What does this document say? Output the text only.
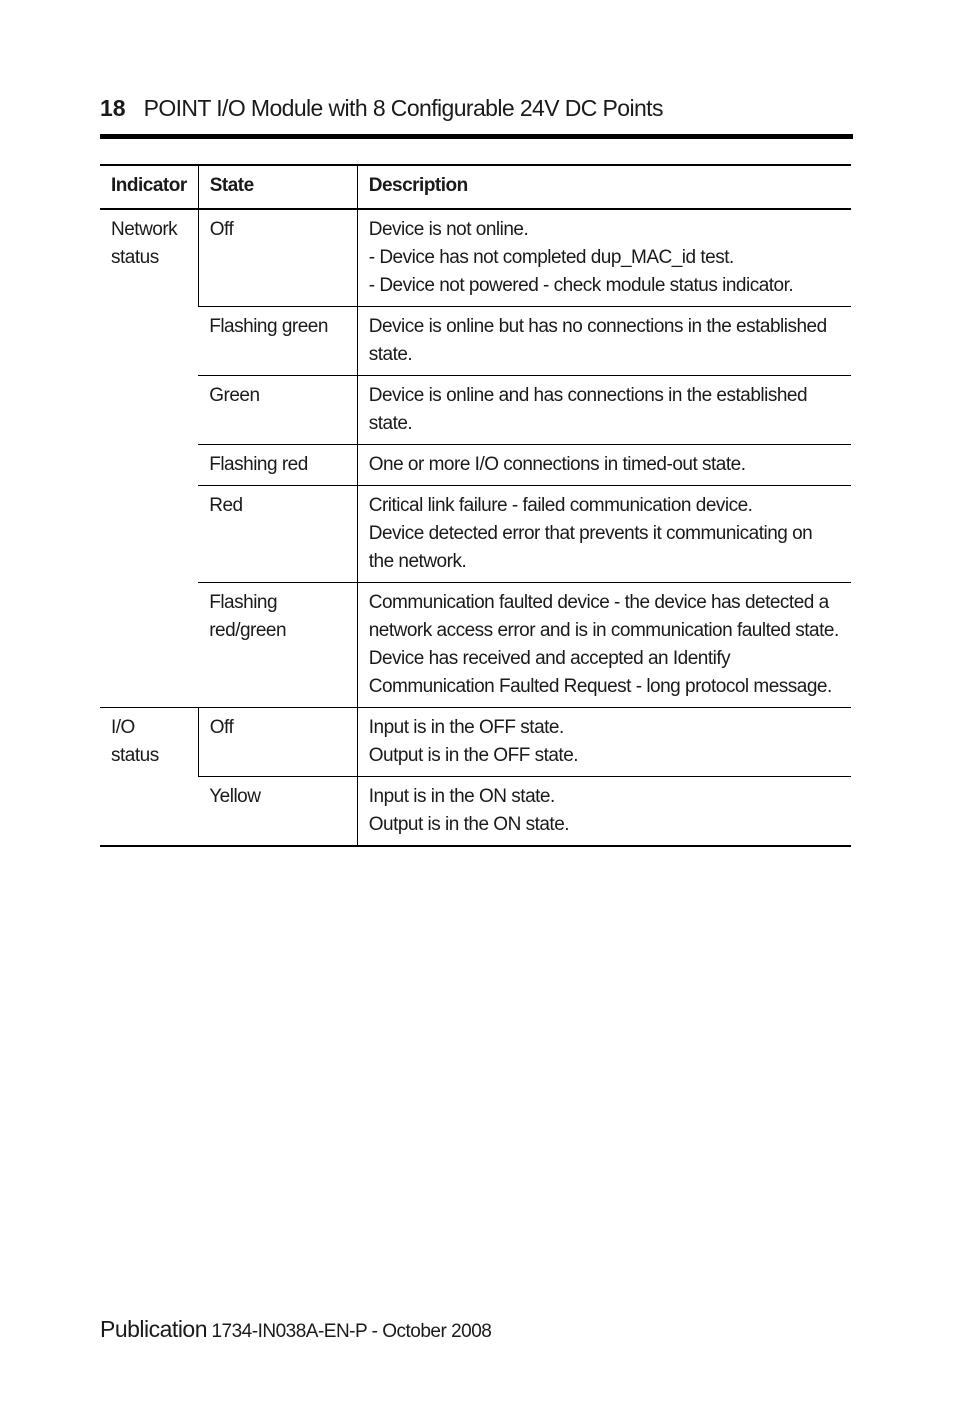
18 POINT I/O Module with 8 Configurable 24V DC Points
Indicator	State	Description
Network status	Off	Device is not online.
- Device has not completed dup_MAC_id test.
- Device not powered - check module status indicator.

	Flashing green	Device is online but has no connections in the established state.

	Green	Device is online and has connections in the established state.

	Flashing red	One or more I/O connections in timed-out state.

	Red	Critical link failure - failed communication device.
Device detected error that prevents it communicating on the network.

	Flashing red/green	Communication faulted device - the device has detected a network access error and is in communication faulted state.
Device has received and accepted an Identify Communication Faulted Request - long protocol message.

I/O status	Off	Input is in the OFF state.
Output is in the OFF state.

	Yellow	Input is in the ON state.
Output is in the ON state.
Publication 1734-IN038A-EN-P - October 2008
